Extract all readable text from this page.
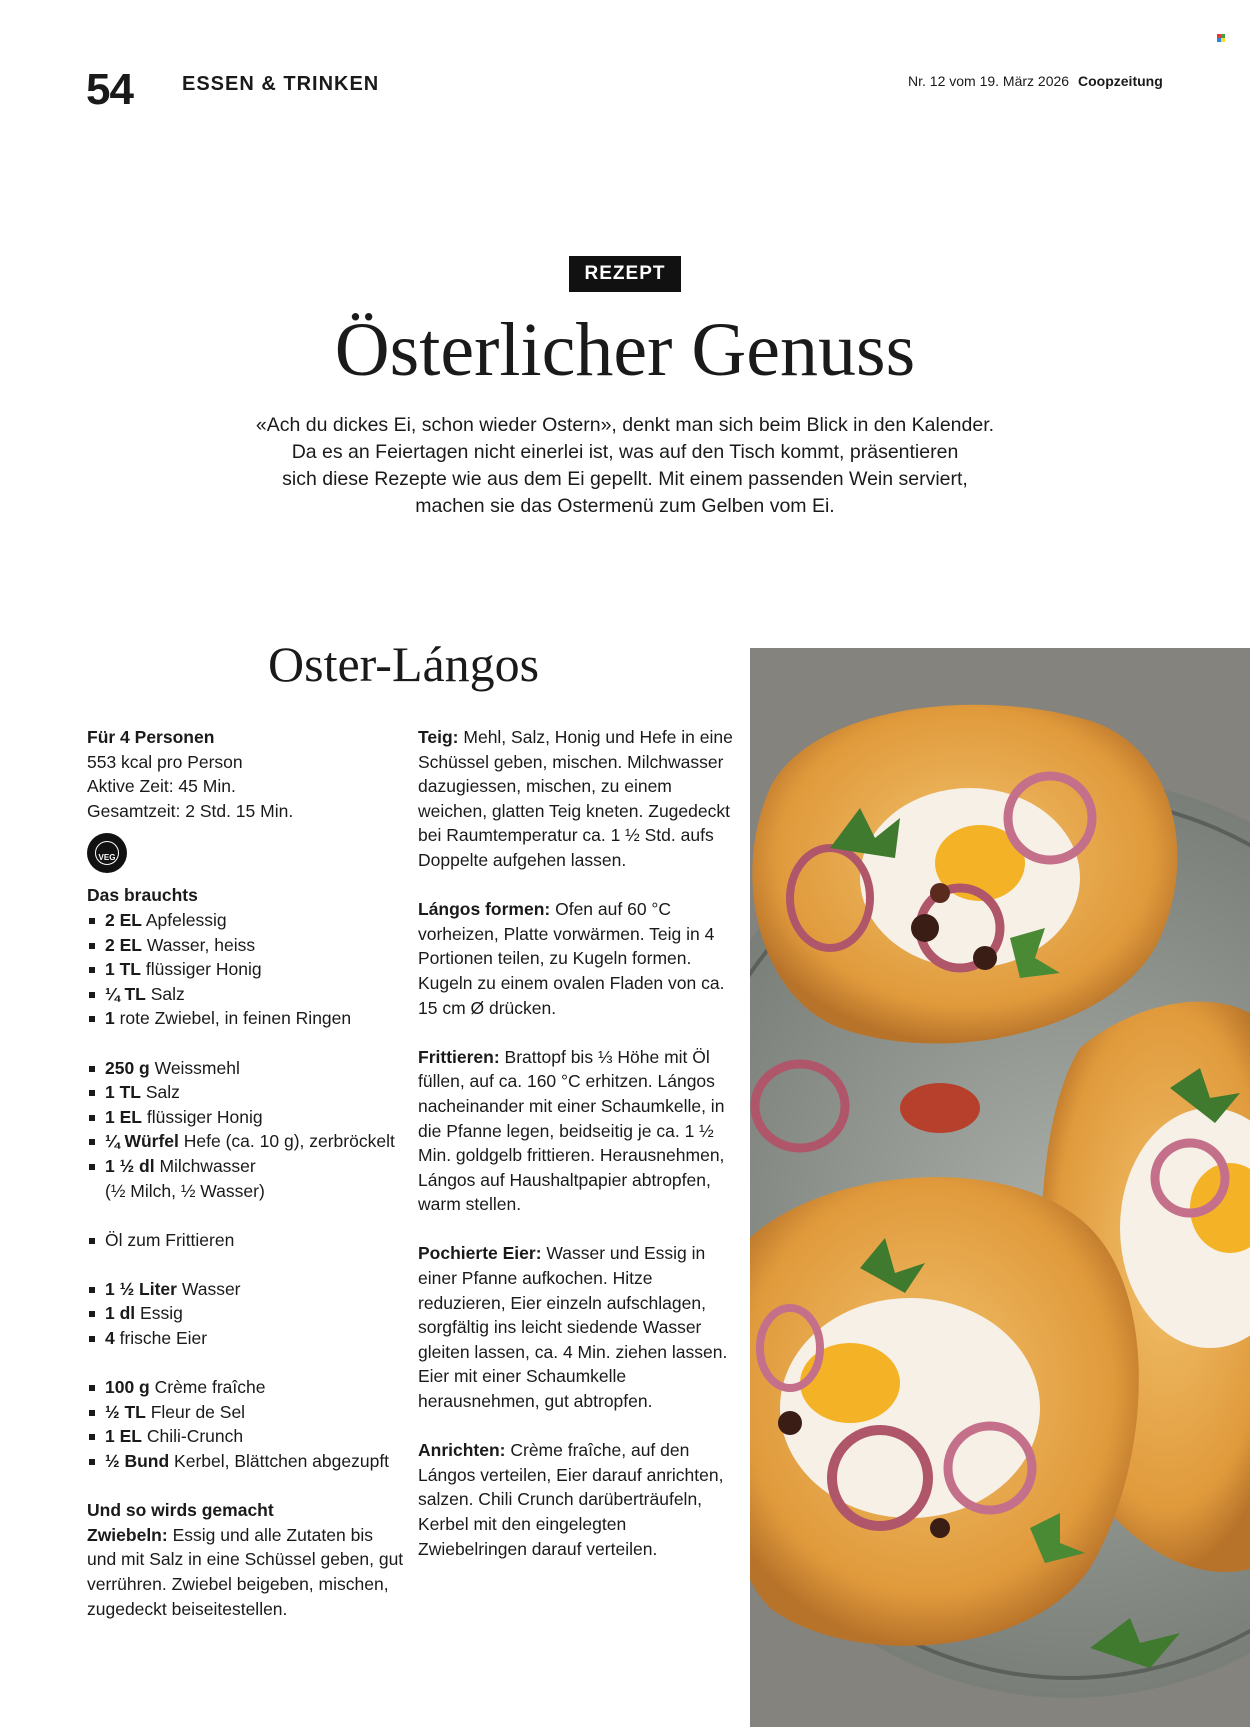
54 ESSEN & TRINKEN	Nr. 12 vom 19. März 2026 Coopzeitung
REZEPT
Österlicher Genuss
«Ach du dickes Ei, schon wieder Ostern», denkt man sich beim Blick in den Kalender.
Da es an Feiertagen nicht einerlei ist, was auf den Tisch kommt, präsentieren
sich diese Rezepte wie aus dem Ei gepellt. Mit einem passenden Wein serviert,
machen sie das Ostermenü zum Gelben vom Ei.
Oster-Lángos

Für 4 Personen

553 kcal pro Person

Aktive Zeit: 45 Min.

Gesamtzeit: 2 Std. 15 Min.

VEG

Das brauchts

2 EL Apfelessig
2 EL Wasser, heiss
1 TL flüssiger Honig
¼ TL Salz
1 rote Zwiebel, in feinen Ringen
250 g Weissmehl
1 TL Salz
1 EL flüssiger Honig
¼ Würfel Hefe (ca. 10 g), zerbröckelt
1 ½ dl Milchwasser
(½ Milch, ½ Wasser)
Öl zum Frittieren
1 ½ Liter Wasser
1 dl Essig
4 frische Eier
100 g Crème fraîche
½ TL Fleur de Sel
1 EL Chili-Crunch
½ Bund Kerbel, Blättchen abgezupft

Und so wirds gemacht

Zwiebeln: Essig und alle Zutaten bis und mit Salz in eine Schüssel geben, gut verrühren. Zwiebel beigeben, mischen, zugedeckt beiseitestellen.

Teig: Mehl, Salz, Honig und Hefe in eine Schüssel geben, mischen. Milchwasser dazugiessen, mischen, zu einem weichen, glatten Teig kneten. Zugedeckt bei Raumtemperatur ca. 1 ½ Std. aufs Doppelte aufgehen lassen.

Lángos formen: Ofen auf 60 °C vorheizen, Platte vorwärmen. Teig in 4 Portionen teilen, zu Kugeln formen. Kugeln zu einem ovalen Fladen von ca. 15 cm Ø drücken.

Frittieren: Brattopf bis ⅓ Höhe mit Öl füllen, auf ca. 160 °C erhitzen. Lángos nacheinander mit einer Schaumkelle, in die Pfanne legen, beidseitig je ca. 1 ½ Min. goldgelb frittieren. Herausnehmen, Lángos auf Haushaltpapier abtropfen, warm stellen.

Pochierte Eier: Wasser und Essig in einer Pfanne aufkochen. Hitze reduzieren, Eier einzeln aufschlagen, sorgfältig ins leicht siedende Wasser gleiten lassen, ca. 4 Min. ziehen lassen. Eier mit einer Schaumkelle herausnehmen, gut abtropfen.

Anrichten: Crème fraîche, auf den Lángos verteilen, Eier darauf anrichten, salzen. Chili Crunch darüberträufeln, Kerbel mit den eingelegten Zwiebelringen darauf verteilen.
